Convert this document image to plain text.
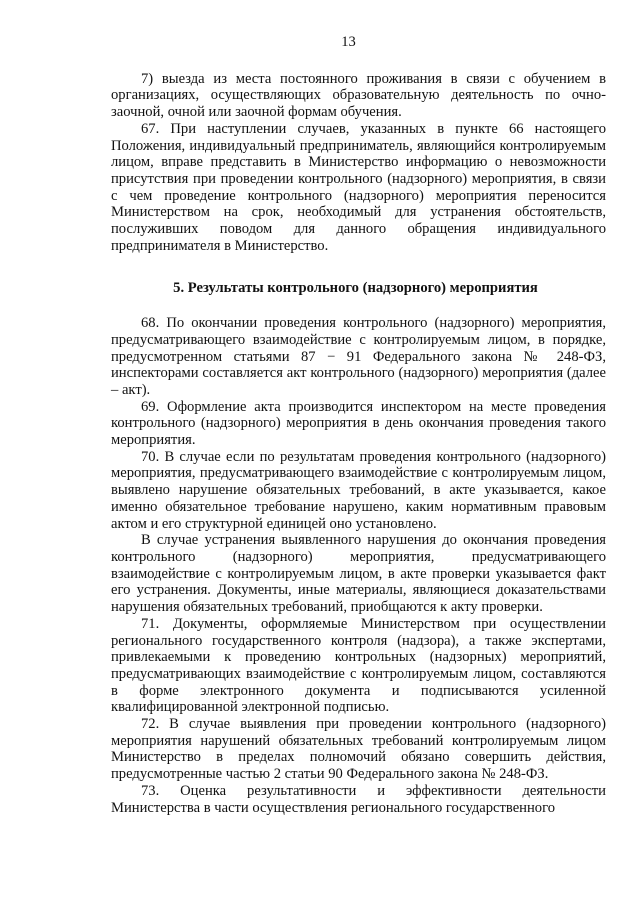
13

7) выезда из места постоянного проживания в связи с обучением в организациях, осуществляющих образовательную деятельность по очно-заочной, очной или заочной формам обучения.

67. При наступлении случаев, указанных в пункте 66 настоящего Положения, индивидуальный предприниматель, являющийся контролируемым лицом, вправе представить в Министерство информацию о невозможности присутствия при проведении контрольного (надзорного) мероприятия, в связи с чем проведение контрольного (надзорного) мероприятия переносится Министерством на срок, необходимый для устранения обстоятельств, послуживших поводом для данного обращения индивидуального предпринимателя в Министерство.

5. Результаты контрольного (надзорного) мероприятия

68. По окончании проведения контрольного (надзорного) мероприятия, предусматривающего взаимодействие с контролируемым лицом, в порядке, предусмотренном статьями 87 − 91 Федерального закона № 248-ФЗ, инспекторами составляется акт контрольного (надзорного) мероприятия (далее – акт).

69. Оформление акта производится инспектором на месте проведения контрольного (надзорного) мероприятия в день окончания проведения такого мероприятия.

70. В случае если по результатам проведения контрольного (надзорного) мероприятия, предусматривающего взаимодействие с контролируемым лицом, выявлено нарушение обязательных требований, в акте указывается, какое именно обязательное требование нарушено, каким нормативным правовым актом и его структурной единицей оно установлено.

В случае устранения выявленного нарушения до окончания проведения контрольного (надзорного) мероприятия, предусматривающего взаимодействие с контролируемым лицом, в акте проверки указывается факт его устранения. Документы, иные материалы, являющиеся доказательствами нарушения обязательных требований, приобщаются к акту проверки.

71. Документы, оформляемые Министерством при осуществлении регионального государственного контроля (надзора), а также экспертами, привлекаемыми к проведению контрольных (надзорных) мероприятий, предусматривающих взаимодействие с контролируемым лицом, составляются в форме электронного документа и подписываются усиленной квалифицированной электронной подписью.

72. В случае выявления при проведении контрольного (надзорного) мероприятия нарушений обязательных требований контролируемым лицом Министерство в пределах полномочий обязано совершить действия, предусмотренные частью 2 статьи 90 Федерального закона № 248-ФЗ.

73. Оценка результативности и эффективности деятельности Министерства в части осуществления регионального государственного
